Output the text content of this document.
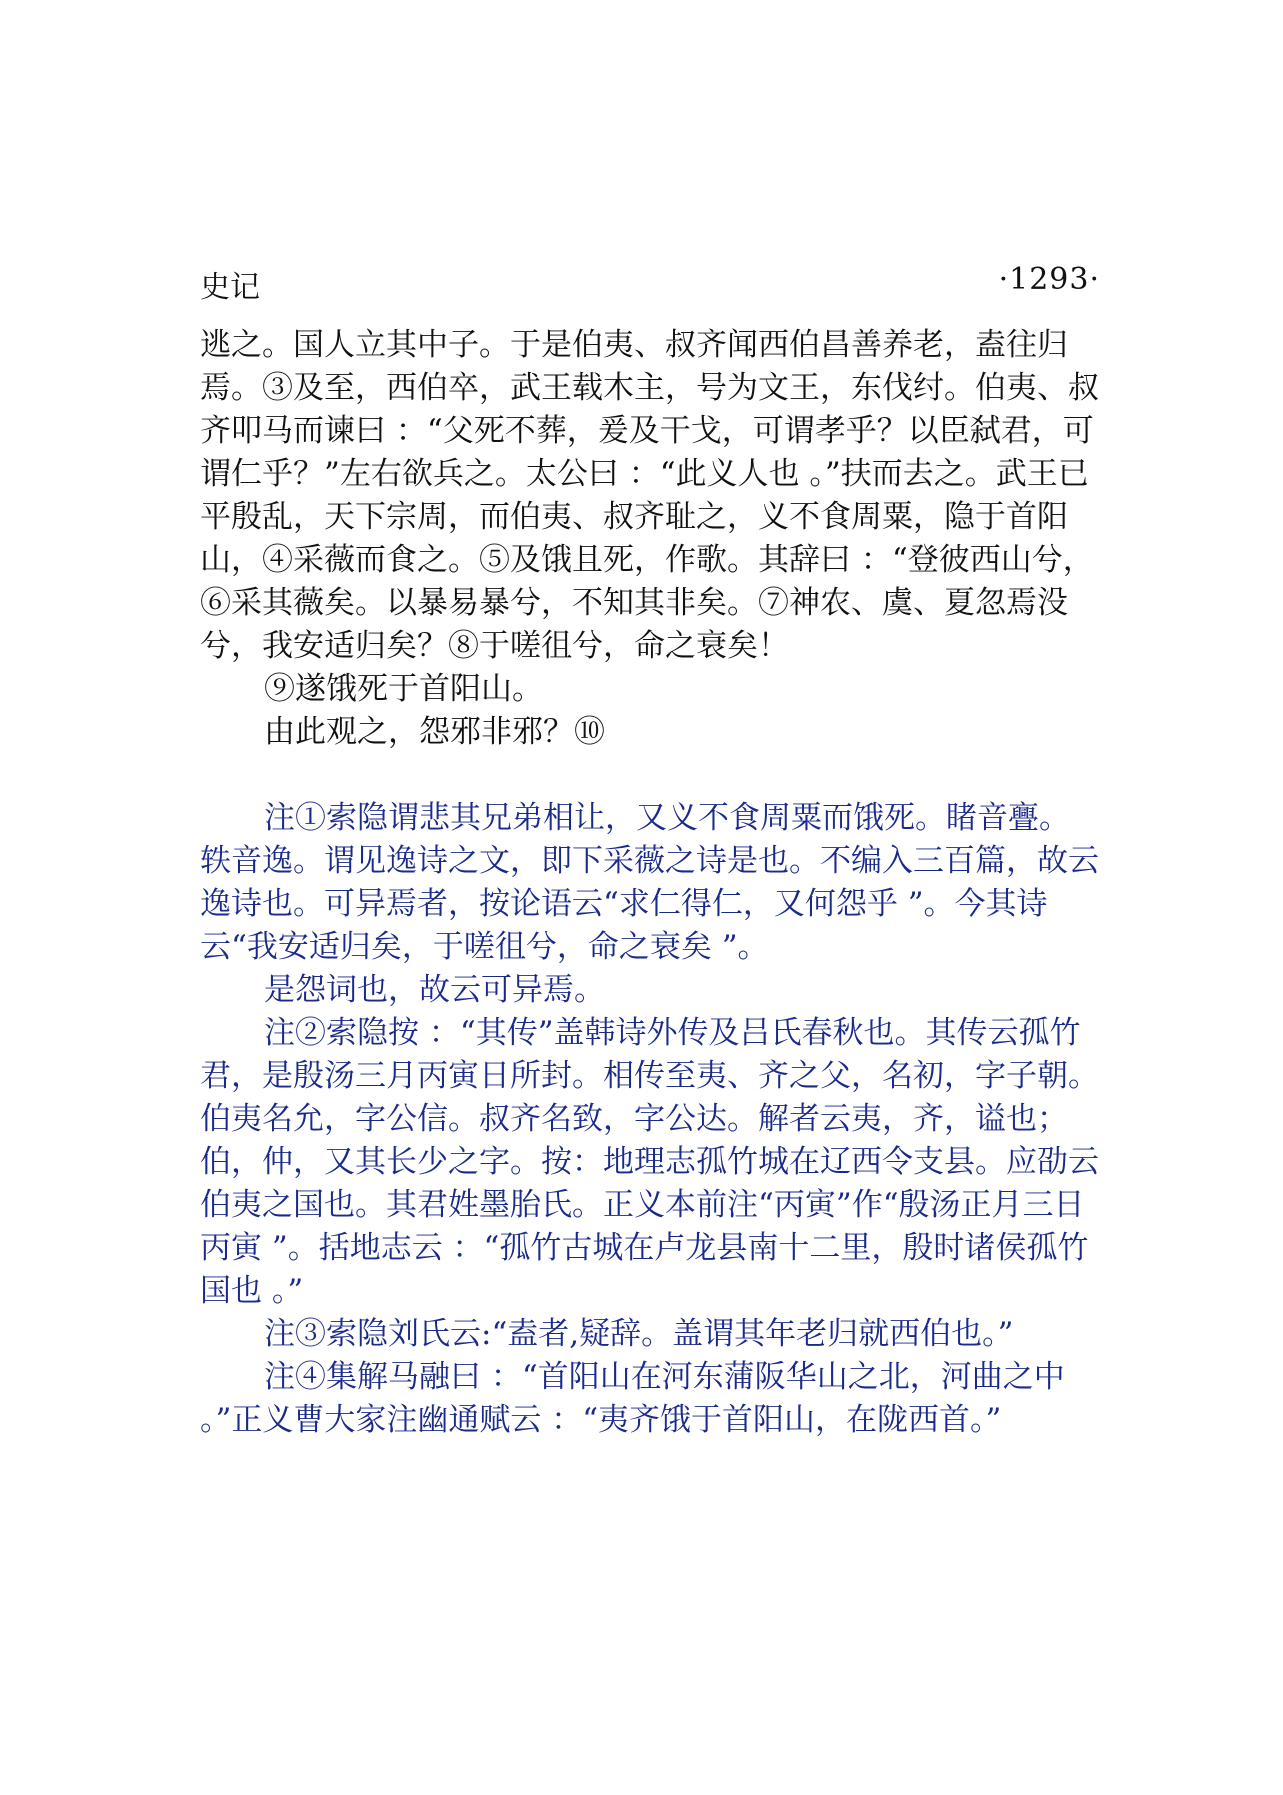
史记	·1293·

逃之。国人立其中子。于是伯夷、叔齐闻西伯昌善养老，盍往归焉。③及至，西伯卒，武王载木主，号为文王，东伐纣。伯夷、叔齐叩马而谏曰 ：“父死不葬，爰及干戈，可谓孝乎？以臣弑君，可谓仁乎？”左右欲兵之。太公曰 ：“此义人也 。”扶而去之。武王已平殷乱，天下宗周，而伯夷、叔齐耻之，义不食周粟，隐于首阳山，④采薇而食之。⑤及饿且死，作歌。其辞曰 ：“登彼西山兮，⑥采其薇矣。以暴易暴兮，不知其非矣。⑦神农、虞、夏忽焉没兮，我安适归矣？⑧于嗟徂兮，命之衰矣！

⑨遂饿死于首阳山。

由此观之，怨邪非邪？⑩

注①索隐谓悲其兄弟相让，又义不食周粟而饿死。睹音亹。轶音逸。谓见逸诗之文，即下采薇之诗是也。不编入三百篇，故云逸诗也。可异焉者，按论语云“求仁得仁，又何怨乎 ”。今其诗云“我安适归矣，于嗟徂兮，命之衰矣 ”。

是怨词也，故云可异焉。

注②索隐按 ：“其传”盖韩诗外传及吕氏春秋也。其传云孤竹君，是殷汤三月丙寅日所封。相传至夷、齐之父，名初，字子朝。伯夷名允，字公信。叔齐名致，字公达。解者云夷，齐，谥也；伯，仲，又其长少之字。按：地理志孤竹城在辽西令支县。应劭云伯夷之国也。其君姓墨胎氏。正义本前注“丙寅”作“殷汤正月三日丙寅 ”。括地志云 ：“孤竹古城在卢龙县南十二里，殷时诸侯孤竹国也 。”

注③索隐刘氏云:“盍者,疑辞。盖谓其年老归就西伯也。”

注④集解马融曰 ：“首阳山在河东蒲阪华山之北，河曲之中 。”正义曹大家注幽通赋云 ：“夷齐饿于首阳山，在陇西首。”
